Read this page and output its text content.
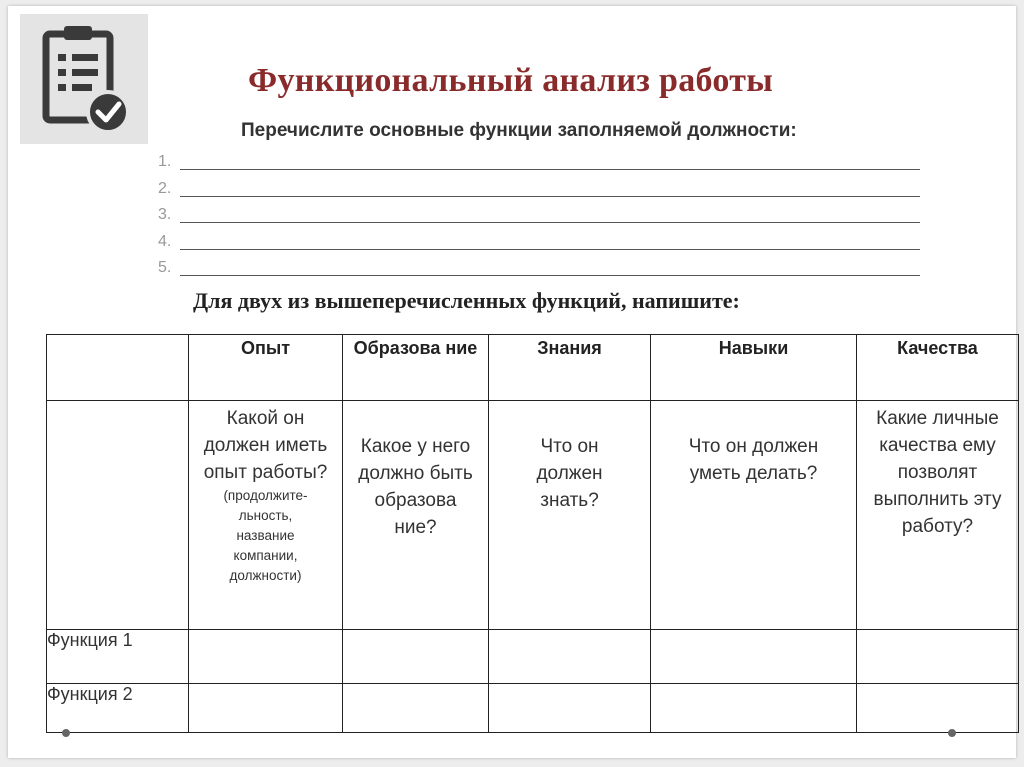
Функциональный анализ работы
Перечислите основные функции заполняемой должности:
1.
2.
3.
4.
5.
Для двух из вышеперечисленных функций, напишите:
	Опыт	Образова ние	Знания	Навыки	Качества

	Какой он должен иметь опыт работы?
(продолжите-льность, название компании, должности)	Какое у него должно быть образова ние?	Что он должен знать?	Что он должен уметь делать?	Какие личные качества ему позволят выполнить эту работу?
Функция 1					
Функция 2					
